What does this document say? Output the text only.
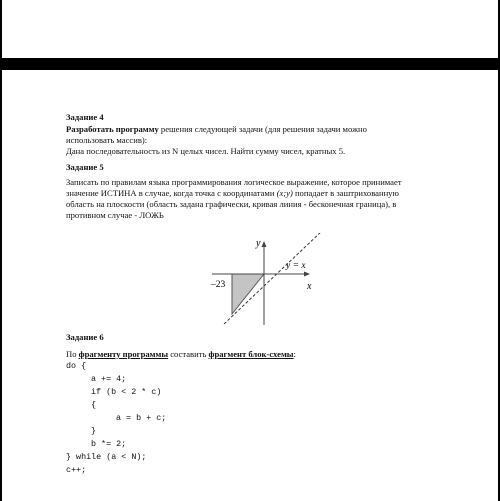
Задание 4
Разработать программу решения следующей задачи (для решения задачи можно
использовать массив):
Дана последовательность из N целых чисел. Найти сумму чисел, кратных 5.
Задание 5
Записать по правилам языка программирования логическое выражение, которое принимает
значение ИСТИНА в случае, когда точка с координатами (x;y) попадает в заштрихованную
область на плоскости (область задана графически, кривая линия - бесконечная граница), в
противном случае - ЛОЖЬ
y
x
y = x
–23
Задание 6
По фрагменту программы составить фрагмент блок-схемы:
do {
a += 4;
if (b < 2 * c)
{
a = b + c;
}
b *= 2;
} while (a < N);
c++;
